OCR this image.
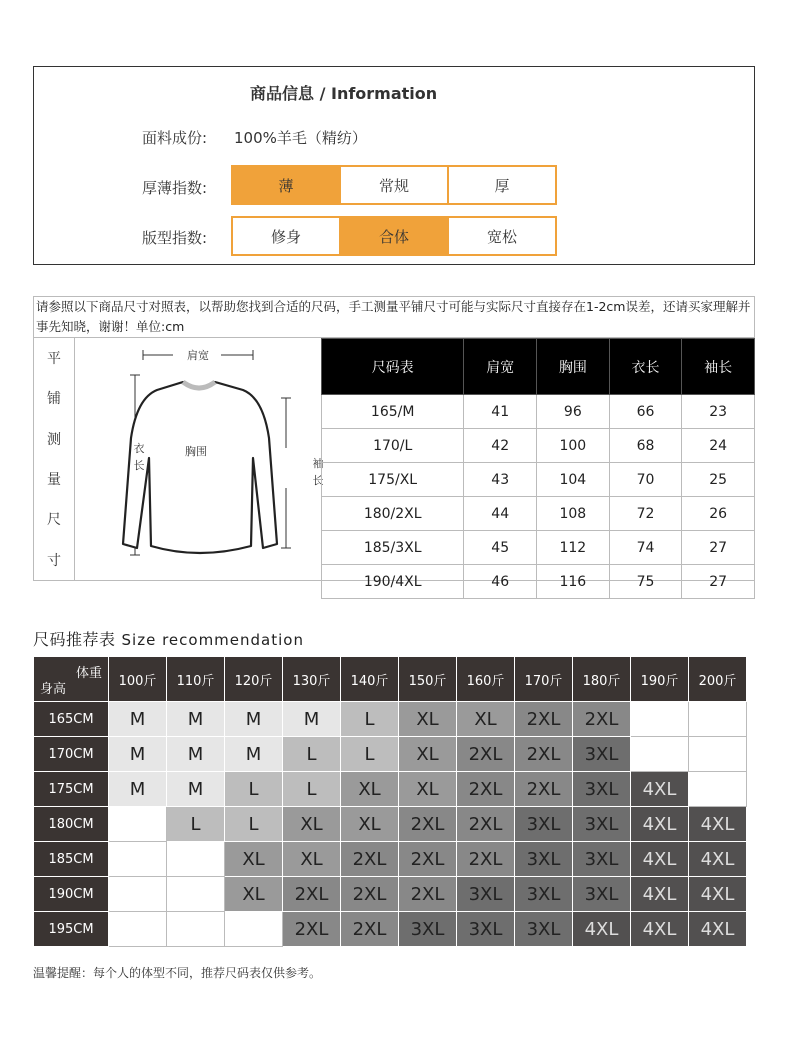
商品信息 / Information
面料成份: 100%羊毛（精纺）
厚薄指数:	薄	常规	厚
版型指数:	修身	合体	宽松
请参照以下商品尺寸对照表，以帮助您找到合适的尺码，手工测量平铺尺寸可能与实际尺寸直接存在1-2cm误差，还请买家理解并事先知晓，谢谢！单位:cm
平
铺
测
量
尺
寸
肩宽
胸围
衣
长	袖
长
尺码表	肩宽	胸围	衣长	袖长
165/M	41	96	66	23
170/L	42	100	68	24
175/XL	43	104	70	25
180/2XL	44	108	72	26
185/3XL	45	112	74	27
190/4XL	46	116	75	27
尺码推荐表 Size recommendation
体重
身高	100斤	110斤	120斤	130斤	140斤	150斤	160斤	170斤	180斤	190斤	200斤
165CM	M	M	M	M	L	XL	XL	2XL	2XL		
170CM	M	M	M	L	L	XL	2XL	2XL	3XL		
175CM	M	M	L	L	XL	XL	2XL	2XL	3XL	4XL	
180CM		L	L	XL	XL	2XL	2XL	3XL	3XL	4XL	4XL
185CM			XL	XL	2XL	2XL	2XL	3XL	3XL	4XL	4XL
190CM			XL	2XL	2XL	2XL	3XL	3XL	3XL	4XL	4XL
195CM				2XL	2XL	3XL	3XL	3XL	4XL	4XL	4XL
温馨提醒：每个人的体型不同，推荐尺码表仅供参考。
